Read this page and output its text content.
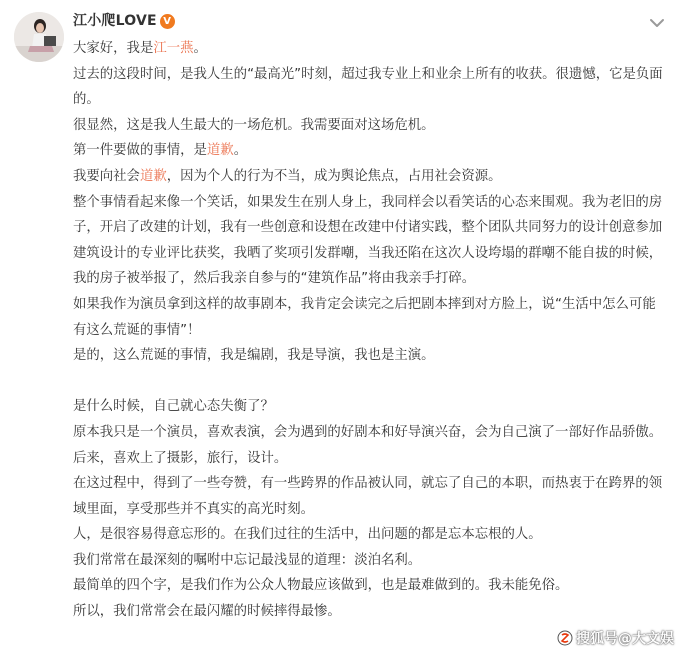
江小爬LOVE V

大家好，我是江一燕。

过去的这段时间，是我人生的“最高光”时刻，超过我专业上和业余上所有的收获。很遗憾，它是负面的。

很显然，这是我人生最大的一场危机。我需要面对这场危机。

第一件要做的事情，是道歉。

我要向社会道歉，因为个人的行为不当，成为舆论焦点，占用社会资源。

整个事情看起来像一个笑话，如果发生在别人身上，我同样会以看笑话的心态来围观。我为老旧的房子，开启了改建的计划，我有一些创意和设想在改建中付诸实践，整个团队共同努力的设计创意参加建筑设计的专业评比获奖，我晒了奖项引发群嘲，当我还陷在这次人设垮塌的群嘲不能自拔的时候，我的房子被举报了，然后我亲自参与的“建筑作品”将由我亲手打碎。

如果我作为演员拿到这样的故事剧本，我肯定会读完之后把剧本摔到对方脸上，说“生活中怎么可能有这么荒诞的事情”！

是的，这么荒诞的事情，我是编剧，我是导演，我也是主演。

是什么时候，自己就心态失衡了？

原本我只是一个演员，喜欢表演，会为遇到的好剧本和好导演兴奋，会为自己演了一部好作品骄傲。

后来，喜欢上了摄影，旅行，设计。

在这过程中，得到了一些夸赞，有一些跨界的作品被认同，就忘了自己的本职，而热衷于在跨界的领域里面，享受那些并不真实的高光时刻。

人，是很容易得意忘形的。在我们过往的生活中，出问题的都是忘本忘根的人。

我们常常在最深刻的嘱咐中忘记最浅显的道理：淡泊名利。

最简单的四个字，是我们作为公众人物最应该做到，也是最难做到的。我未能免俗。

所以，我们常常会在最闪耀的时候摔得最惨。

搜狐号@大文娱
